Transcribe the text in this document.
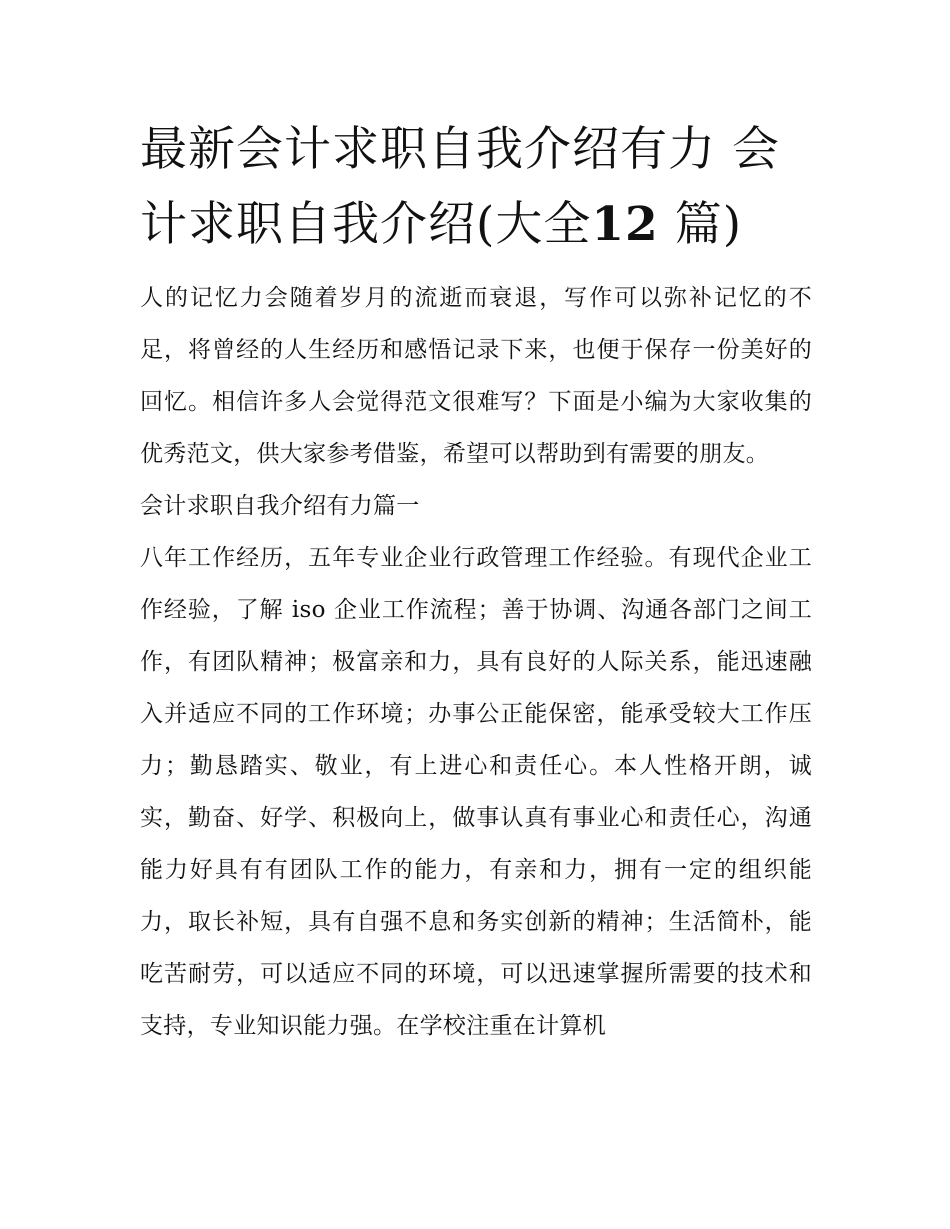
最新会计求职自我介绍有力 会计求职自我介绍(大全12 篇)

人的记忆力会随着岁月的流逝而衰退，写作可以弥补记忆的不足，将曾经的人生经历和感悟记录下来，也便于保存一份美好的回忆。相信许多人会觉得范文很难写？下面是小编为大家收集的优秀范文，供大家参考借鉴，希望可以帮助到有需要的朋友。

会计求职自我介绍有力篇一

八年工作经历，五年专业企业行政管理工作经验。有现代企业工作经验，了解 iso 企业工作流程；善于协调、沟通各部门之间工作，有团队精神；极富亲和力，具有良好的人际关系，能迅速融入并适应不同的工作环境；办事公正能保密，能承受较大工作压力；勤恳踏实、敬业，有上进心和责任心。本人性格开朗，诚实，勤奋、好学、积极向上，做事认真有事业心和责任心，沟通能力好具有有团队工作的能力，有亲和力，拥有一定的组织能力，取长补短，具有自强不息和务实创新的精神；生活简朴，能吃苦耐劳，可以适应不同的环境，可以迅速掌握所需要的技术和支持，专业知识能力强。在学校注重在计算机
